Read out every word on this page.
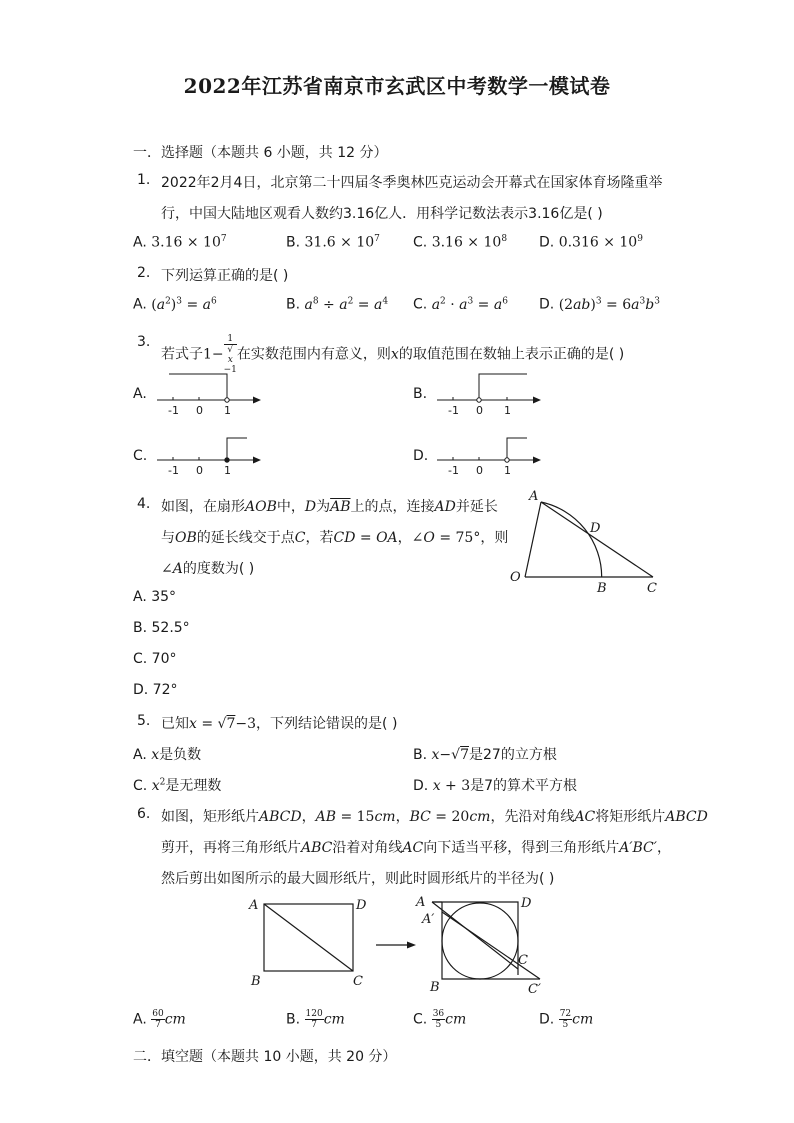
2022年江苏省南京市玄武区中考数学一模试卷
一．选择题（本题共 6 小题，共 12 分）
1. 2022年2月4日，北京第二十四届冬季奥林匹克运动会开幕式在国家体育场隆重举
行，中国大陆地区观看人数约3.16亿人．用科学记数法表示3.16亿是( )
A. $3.16 \times 10^7$	B. $31.6 \times 10^7$ C. $3.16 \times 10^8$ D. $0.316 \times 10^9$
2. 下列运算正确的是( )
A. $(a^2)^3 = a^6$	B. $a^8 \div a^2 = a^4$ C. $a^2 \cdot a^3 = a^6$ D. $(2ab)^3 = 6a^3b^3$
3.
若式子1− 1
√
x
−1 在实数范围内有意义，则x的取值范围在数轴上表示正确的是( )
A.
-1 0 1
B.
-1 0 1
C.
-1 0 1
D.
-1 0 1
4. 如图，在扇形AOB中，D为$\overline{AB}$上的点，连接AD并延长
与OB的延长线交于点C，若CD = OA，∠O = 75°，则
∠A的度数为( )
A
D
O
B	C
A. 35°
B. 52.5°
C. 70°
D. 72°
5. 已知x = √7−3，下列结论错误的是( )
A. x是负数	B. x−√7是27的立方根
C. $x^2$是无理数	D. x + 3是7的算术平方根
6. 如图，矩形纸片ABCD，AB = 15cm，BC = 20cm，先沿对角线AC将矩形纸片ABCD
剪开，再将三角形纸片ABC沿着对角线AC向下适当平移，得到三角形纸片A′BC′，
然后剪出如图所示的最大圆形纸片，则此时圆形纸片的半径为( )
A	D
B	C
A
A′
D
B
C
C′
A. $\frac{60}{7}$ cm	B. $\frac{120}{7}$ cm	C. $\frac{36}{5}$ cm	D. $\frac{72}{5}$ cm
二．填空题（本题共 10 小题，共 20 分）
